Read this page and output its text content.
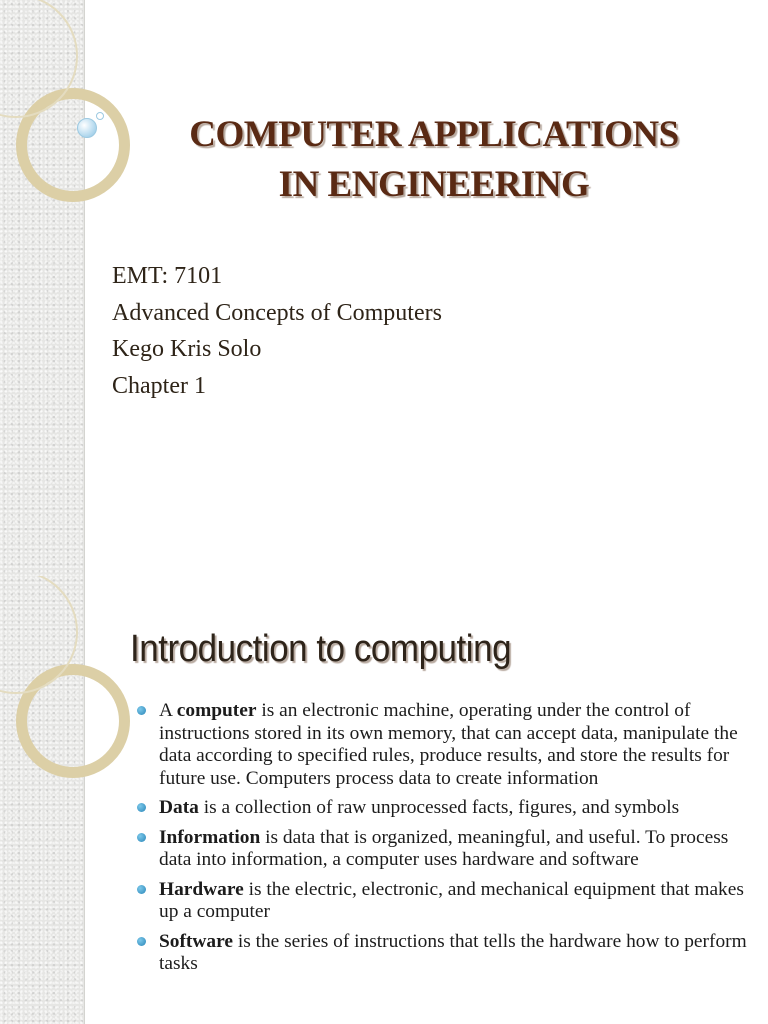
COMPUTER APPLICATIONS
IN ENGINEERING
EMT: 7101
Advanced Concepts of Computers
Kego Kris Solo
Chapter 1
Introduction to computing
A computer is an electronic machine, operating under the control of instructions stored in its own memory, that can accept data, manipulate the data according to specified rules, produce results, and store the results for future use. Computers process data to create information
Data is a collection of raw unprocessed facts, figures, and symbols
Information is data that is organized, meaningful, and useful. To process data into information, a computer uses hardware and software
Hardware is the electric, electronic, and mechanical equipment that makes up a computer
Software is the series of instructions that tells the hardware how to perform tasks
